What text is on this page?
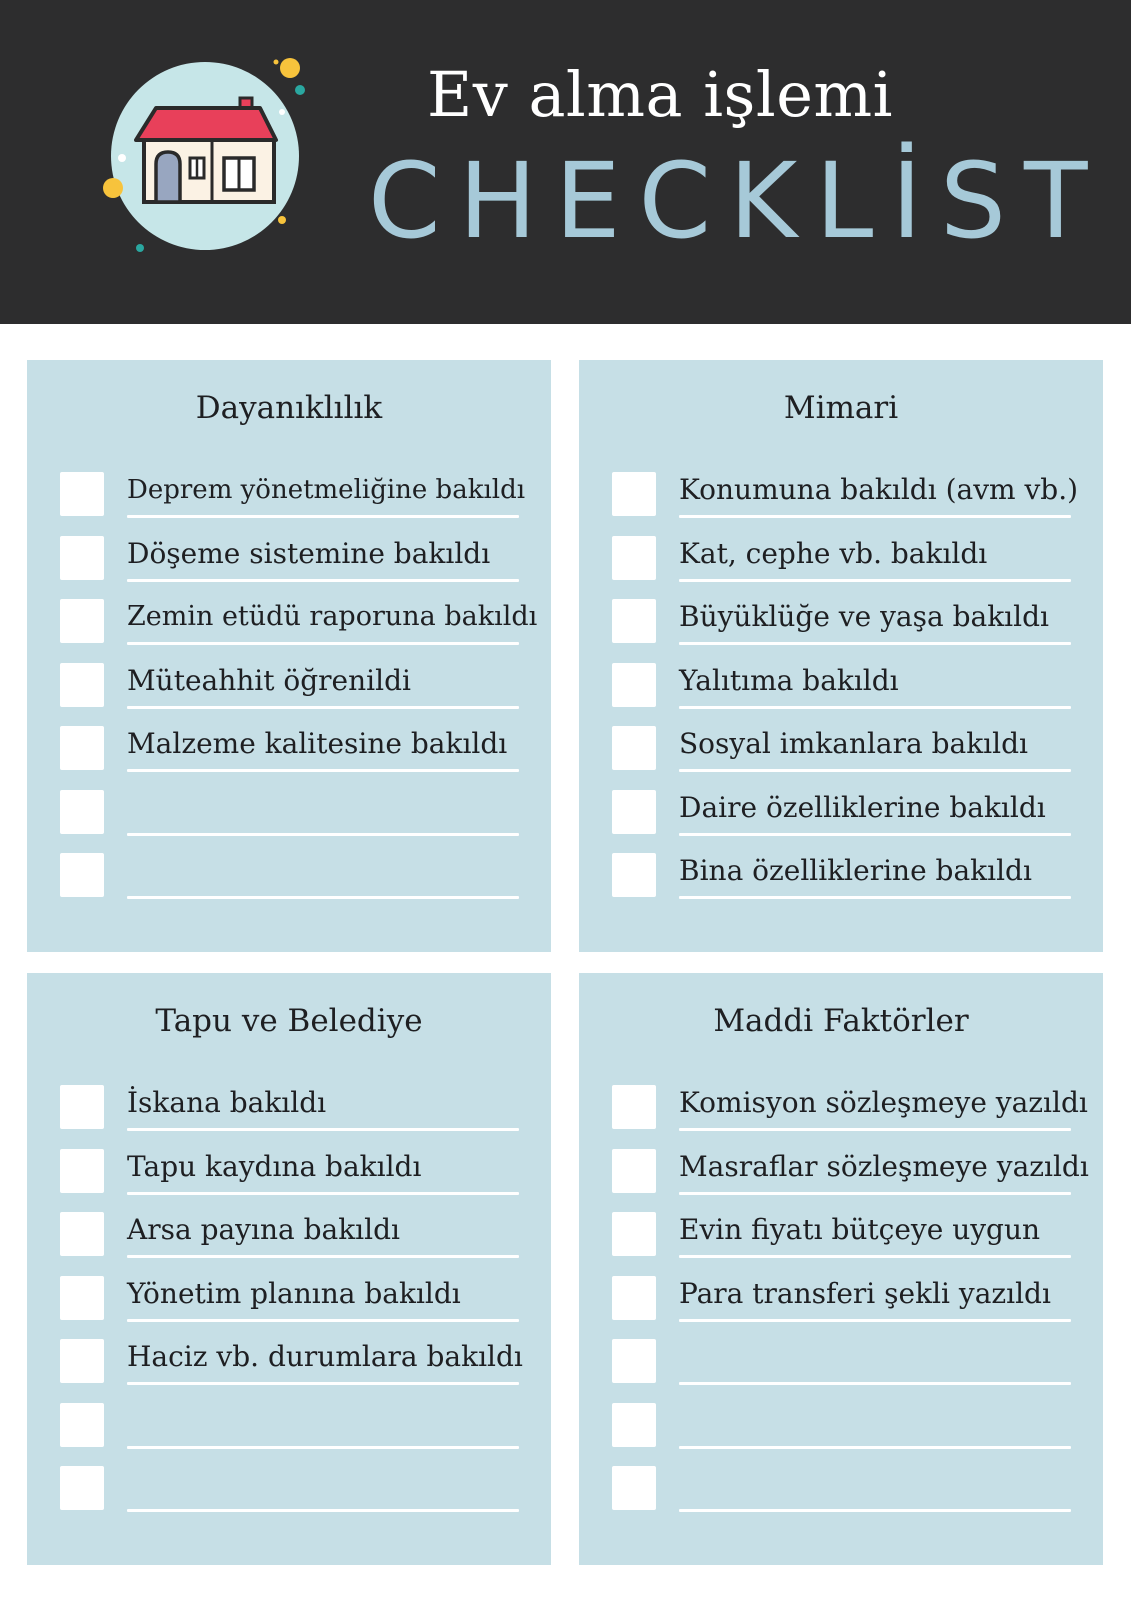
Ev alma işlemi
CHECKLİST
Dayanıklılık
Deprem yönetmeliğine bakıldı
Döşeme sistemine bakıldı
Zemin etüdü raporuna bakıldı
Müteahhit öğrenildi
Malzeme kalitesine bakıldı
Mimari
Konumuna bakıldı (avm vb.)
Kat, cephe vb. bakıldı
Büyüklüğe ve yaşa bakıldı
Yalıtıma bakıldı
Sosyal imkanlara bakıldı
Daire özelliklerine bakıldı
Bina özelliklerine bakıldı
Tapu ve Belediye
İskana bakıldı
Tapu kaydına bakıldı
Arsa payına bakıldı
Yönetim planına bakıldı
Haciz vb. durumlara bakıldı
Maddi Faktörler
Komisyon sözleşmeye yazıldı
Masraflar sözleşmeye yazıldı
Evin fiyatı bütçeye uygun
Para transferi şekli yazıldı
